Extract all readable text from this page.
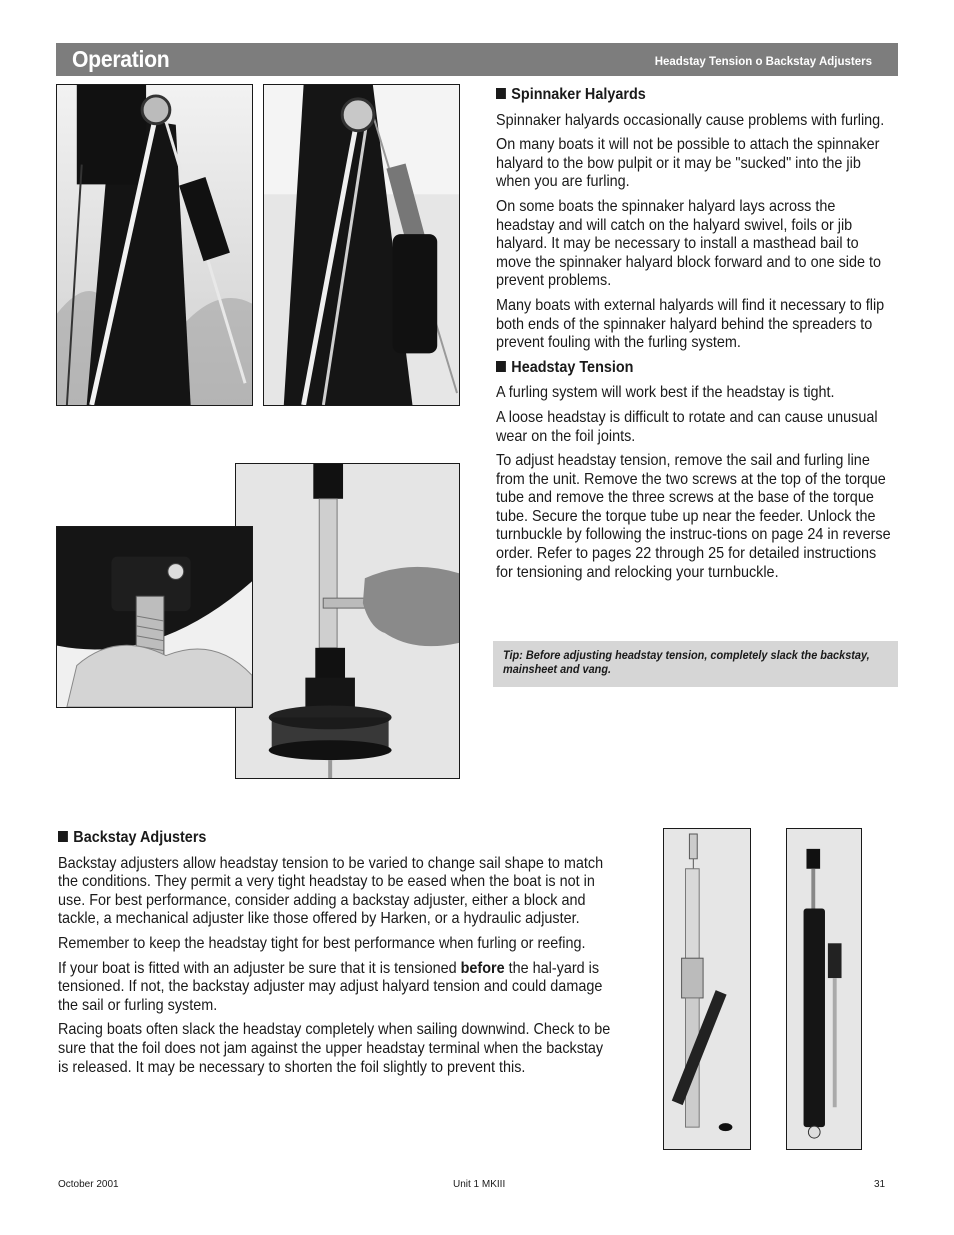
Operation	Headstay Tension o Backstay Adjusters
Spinnaker Halyards

Spinnaker halyards occasionally cause problems with furling.

On many boats it will not be possible to attach the spinnaker halyard to the bow pulpit or it may be "sucked" into the jib when you are furling.

On some boats the spinnaker halyard lays across the headstay and will catch on the halyard swivel, foils or jib halyard. It may be necessary to install a masthead bail to move the spinnaker halyard block forward and to one side to prevent problems.

Many boats with external halyards will find it necessary to flip both ends of the spinnaker halyard behind the spreaders to prevent fouling with the furling system.

Headstay Tension

A furling system will work best if the headstay is tight.

A loose headstay is difficult to rotate and can cause unusual wear on the foil joints.

To adjust headstay tension, remove the sail and furling line from the unit. Remove the two screws at the top of the torque tube and remove the three screws at the base of the torque tube. Secure the torque tube up near the feeder. Unlock the turnbuckle by following the instruc-tions on page 24 in reverse order. Refer to pages 22 through 25 for detailed instructions for tensioning and relocking your turnbuckle.

Tip: Before adjusting headstay tension, completely slack the backstay, mainsheet and vang.
Backstay Adjusters

Backstay adjusters allow headstay tension to be varied to change sail shape to match the conditions. They permit a very tight headstay to be eased when the boat is not in use. For best performance, consider adding a backstay adjuster, either a block and tackle, a mechanical adjuster like those offered by Harken, or a hydraulic adjuster.

Remember to keep the headstay tight for best performance when furling or reefing.

If your boat is fitted with an adjuster be sure that it is tensioned before the hal-yard is tensioned. If not, the backstay adjuster may adjust halyard tension and could damage the sail or furling system.

Racing boats often slack the headstay completely when sailing downwind. Check to be sure that the foil does not jam against the upper headstay terminal when the backstay is released. It may be necessary to shorten the foil slightly to prevent this.

October 2001	Unit 1 MKIII	31
